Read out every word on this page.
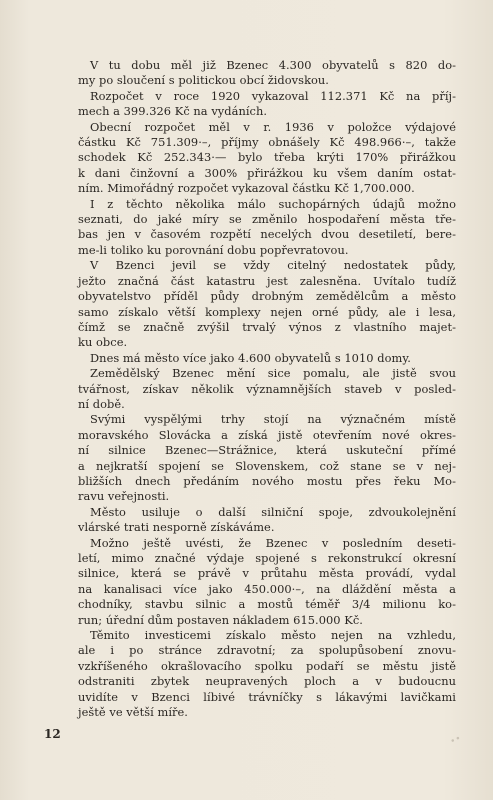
V tu dobu měl již Bzenec 4.300 obyvatelů s 820 do-
my po sloučení s politickou obcí židovskou.

Rozpočet v roce 1920 vykazoval 112.371 Kč na příj-
mech a 399.326 Kč na vydáních.

Obecní rozpočet měl v r. 1936 v položce výdajové
částku Kč 751.309·–, příjmy obnášely Kč 498.966·–, takže
schodek Kč 252.343·— bylo třeba krýti 170% přirážkou
k dani činžovní a 300% přirážkou ku všem daním ostat-
ním. Mimořádný rozpočet vykazoval částku Kč 1,700.000.

I z těchto několika málo suchopárných údajů možno
seznati, do jaké míry se změnilo hospodaření města tře-
bas jen v časovém rozpětí necelých dvou desetiletí, bere-
me-li toliko ku porovnání dobu popřevratovou.

V Bzenci jevil se vždy citelný nedostatek půdy,
ježto značná část katastru jest zalesněna. Uvítalo tudíž
obyvatelstvo příděl půdy drobným zemědělcům a město
samo získalo větší komplexy nejen orné půdy, ale i lesa,
čímž se značně zvýšil trvalý výnos z vlastního majet-
ku obce.

Dnes má město více jako 4.600 obyvatelů s 1010 domy.

Zemědělský Bzenec mění sice pomalu, ale jistě svou
tvářnost, získav několik významnějších staveb v posled-
ní době.

Svými vyspělými trhy stojí na význačném místě
moravského Slovácka a získá jistě otevřením nové okres-
ní silnice Bzenec—Strážnice, která uskuteční přímé
a nejkratší spojení se Slovenskem, což stane se v nej-
bližších dnech předáním nového mostu přes řeku Mo-
ravu veřejnosti.

Město usiluje o další silniční spoje, zdvoukolejnění
vlárské trati nesporně získáváme.

Možno ještě uvésti, že Bzenec v posledním deseti-
letí, mimo značné výdaje spojené s rekonstrukcí okresní
silnice, která se právě v průtahu města provádí, vydal
na kanalisaci více jako 450.000·–, na dláždění města a
chodníky, stavbu silnic a mostů téměř 3/4 milionu ko-
run; úřední dům postaven nákladem 615.000 Kč.

Těmito investicemi získalo město nejen na vzhledu,
ale i po stránce zdravotní; za spolupůsobení znovu-
vzkříšeného okrašlovacího spolku podaří se městu jistě
odstraniti zbytek neupravených ploch a v budoucnu
uvidíte v Bzenci líbivé trávníčky s lákavými lavičkami
ještě ve větší míře.

12	∙∙
